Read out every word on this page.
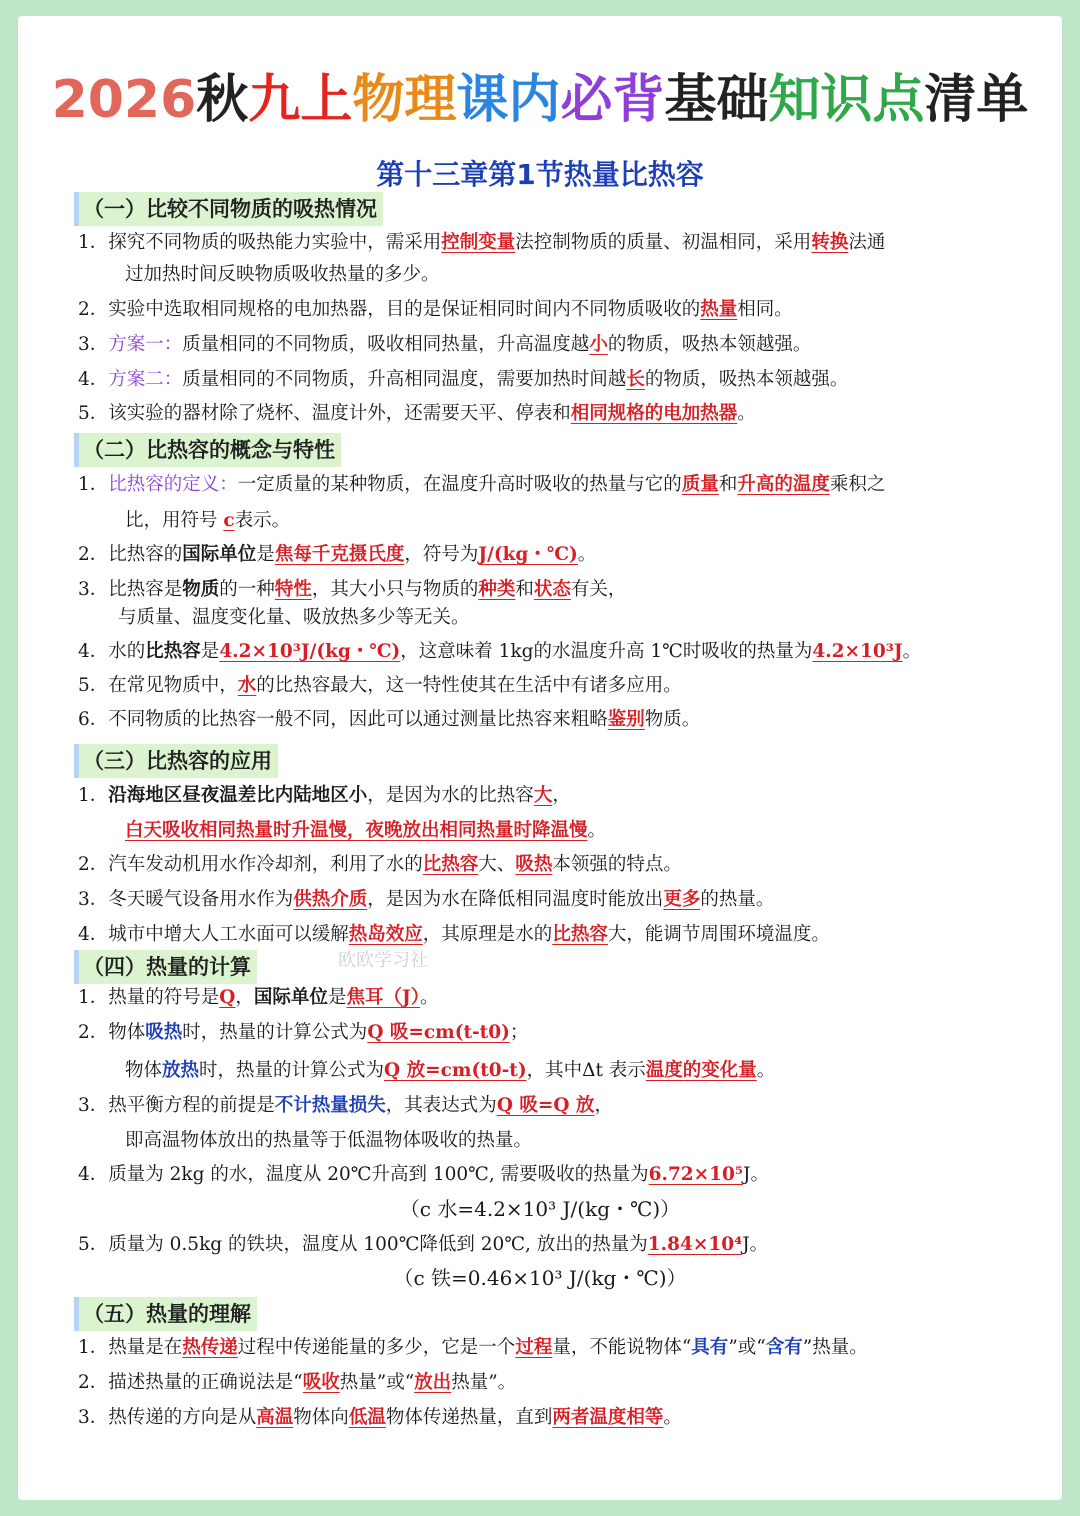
2026秋九上物理课内必背基础知识点清单
第十三章第1节热量比热容
（一）比较不同物质的吸热情况
1．探究不同物质的吸热能力实验中，需采用控制变量法控制物质的质量、初温相同，采用转换法通
过加热时间反映物质吸收热量的多少。
2．实验中选取相同规格的电加热器，目的是保证相同时间内不同物质吸收的热量相同。
3．方案一：质量相同的不同物质，吸收相同热量，升高温度越小的物质，吸热本领越强。
4．方案二：质量相同的不同物质，升高相同温度，需要加热时间越长的物质，吸热本领越强。
5．该实验的器材除了烧杯、温度计外，还需要天平、停表和相同规格的电加热器。
（二）比热容的概念与特性
1．比热容的定义：一定质量的某种物质，在温度升高时吸收的热量与它的质量和升高的温度乘积之
比，用符号 c表示。
2．比热容的国际单位是焦每千克摄氏度，符号为J/(kg・℃)。
3．比热容是物质的一种特性，其大小只与物质的种类和状态有关，
与质量、温度变化量、吸放热多少等无关。
4．水的比热容是4.2×10³J/(kg・℃)，这意味着 1kg的水温度升高 1℃时吸收的热量为4.2×10³J。
5．在常见物质中，水的比热容最大，这一特性使其在生活中有诸多应用。
6．不同物质的比热容一般不同，因此可以通过测量比热容来粗略鉴别物质。
（三）比热容的应用
1．沿海地区昼夜温差比内陆地区小，是因为水的比热容大，
白天吸收相同热量时升温慢，夜晚放出相同热量时降温慢。
2．汽车发动机用水作冷却剂，利用了水的比热容大、吸热本领强的特点。
3．冬天暖气设备用水作为供热介质，是因为水在降低相同温度时能放出更多的热量。
4．城市中增大人工水面可以缓解热岛效应，其原理是水的比热容大，能调节周围环境温度。
欧欧学习社
（四）热量的计算
1．热量的符号是Q，国际单位是焦耳（J）。
2．物体吸热时，热量的计算公式为Q 吸=cm(t-t0)；
物体放热时，热量的计算公式为Q 放=cm(t0-t)，其中Δt 表示温度的变化量。
3．热平衡方程的前提是不计热量损失，其表达式为Q 吸=Q 放，
即高温物体放出的热量等于低温物体吸收的热量。
4．质量为 2kg 的水，温度从 20℃升高到 100℃, 需要吸收的热量为6.72×10⁵J。
（c 水=4.2×10³ J/(kg・℃)）
5．质量为 0.5kg 的铁块，温度从 100℃降低到 20℃, 放出的热量为1.84×10⁴J。
（c 铁=0.46×10³ J/(kg・℃)）
（五）热量的理解
1．热量是在热传递过程中传递能量的多少，它是一个过程量，不能说物体“具有”或“含有”热量。
2．描述热量的正确说法是“吸收热量”或“放出热量”。
3．热传递的方向是从高温物体向低温物体传递热量，直到两者温度相等。
